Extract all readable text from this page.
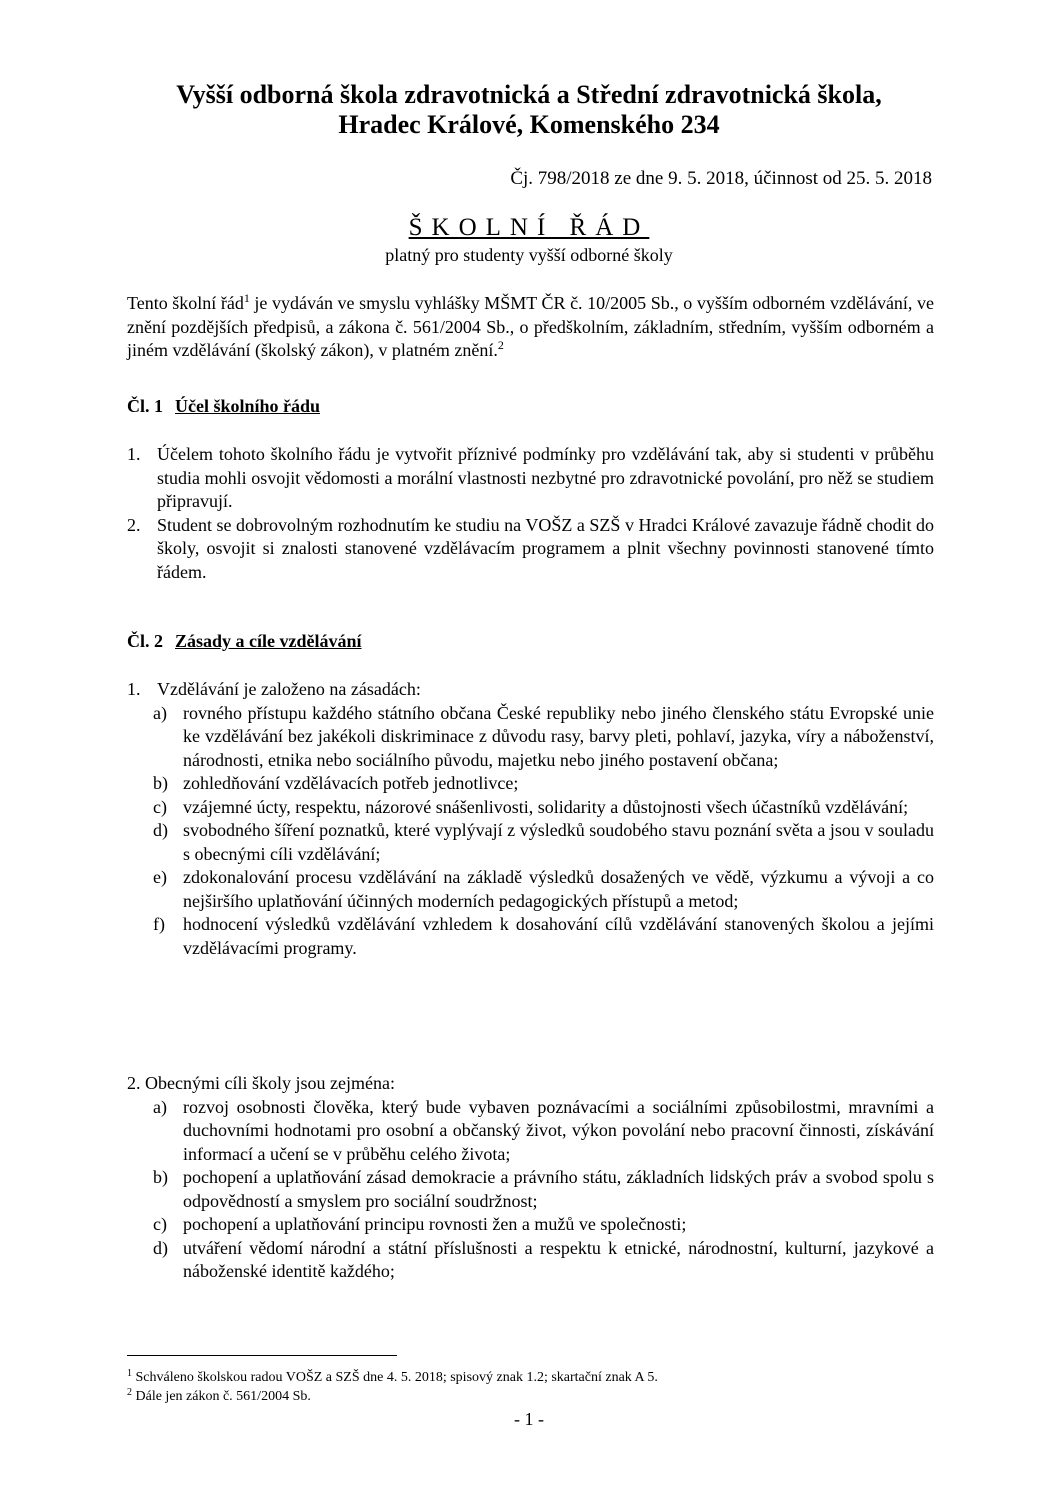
Vyšší odborná škola zdravotnická a Střední zdravotnická škola,
Hradec Králové, Komenského 234
Čj. 798/2018 ze dne 9. 5. 2018, účinnost od 25. 5. 2018
ŠKOLNÍ ŘÁD
platný pro studenty vyšší odborné školy
Tento školní řád$^1$ je vydáván ve smyslu vyhlášky MŠMT ČR č. 10/2005 Sb., o vyšším odborném vzdělávání, ve znění pozdějších předpisů, a zákona č. 561/2004 Sb., o předškolním, základním, středním, vyšším odborném a jiném vzdělávání (školský zákon), v platném znění.$^2$
Čl. 1 Účel školního řádu
1. Účelem tohoto školního řádu je vytvořit příznivé podmínky pro vzdělávání tak, aby si studenti v průběhu studia mohli osvojit vědomosti a morální vlastnosti nezbytné pro zdravotnické povolání, pro něž se studiem připravují.
2. Student se dobrovolným rozhodnutím ke studiu na VOŠZ a SZŠ v Hradci Králové zavazuje řádně chodit do školy, osvojit si znalosti stanovené vzdělávacím programem a plnit všechny povinnosti stanovené tímto řádem.
Čl. 2 Zásady a cíle vzdělávání
1. Vzdělávání je založeno na zásadách:
a) rovného přístupu každého státního občana České republiky nebo jiného členského státu Evropské unie ke vzdělávání bez jakékoli diskriminace z důvodu rasy, barvy pleti, pohlaví, jazyka, víry a náboženství, národnosti, etnika nebo sociálního původu, majetku nebo jiného postavení občana;
b) zohledňování vzdělávacích potřeb jednotlivce;
c) vzájemné úcty, respektu, názorové snášenlivosti, solidarity a důstojnosti všech účastníků vzdělávání;
d) svobodného šíření poznatků, které vyplývají z výsledků soudobého stavu poznání světa a jsou v souladu s obecnými cíli vzdělávání;
e) zdokonalování procesu vzdělávání na základě výsledků dosažených ve vědě, výzkumu a vývoji a co nejširšího uplatňování účinných moderních pedagogických přístupů a metod;
f)	hodnocení výsledků vzdělávání vzhledem k dosahování cílů vzdělávání stanovených školou a jejími vzdělávacími programy.
2. Obecnými cíli školy jsou zejména:
a) rozvoj osobnosti člověka, který bude vybaven poznávacími a sociálními způsobilostmi, mravními a duchovními hodnotami pro osobní a občanský život, výkon povolání nebo pracovní činnosti, získávání informací a učení se v průběhu celého života;
b) pochopení a uplatňování zásad demokracie a právního státu, základních lidských práv a svobod spolu s odpovědností a smyslem pro sociální soudržnost;
c) pochopení a uplatňování principu rovnosti žen a mužů ve společnosti;
d) utváření vědomí národní a státní příslušnosti a respektu k etnické, národnostní, kulturní, jazykové a náboženské identitě každého;
$^1$ Schváleno školskou radou VOŠZ a SZŠ dne 4. 5. 2018; spisový znak 1.2; skartační znak A 5.
$^2$ Dále jen zákon č. 561/2004 Sb.
- 1 -
